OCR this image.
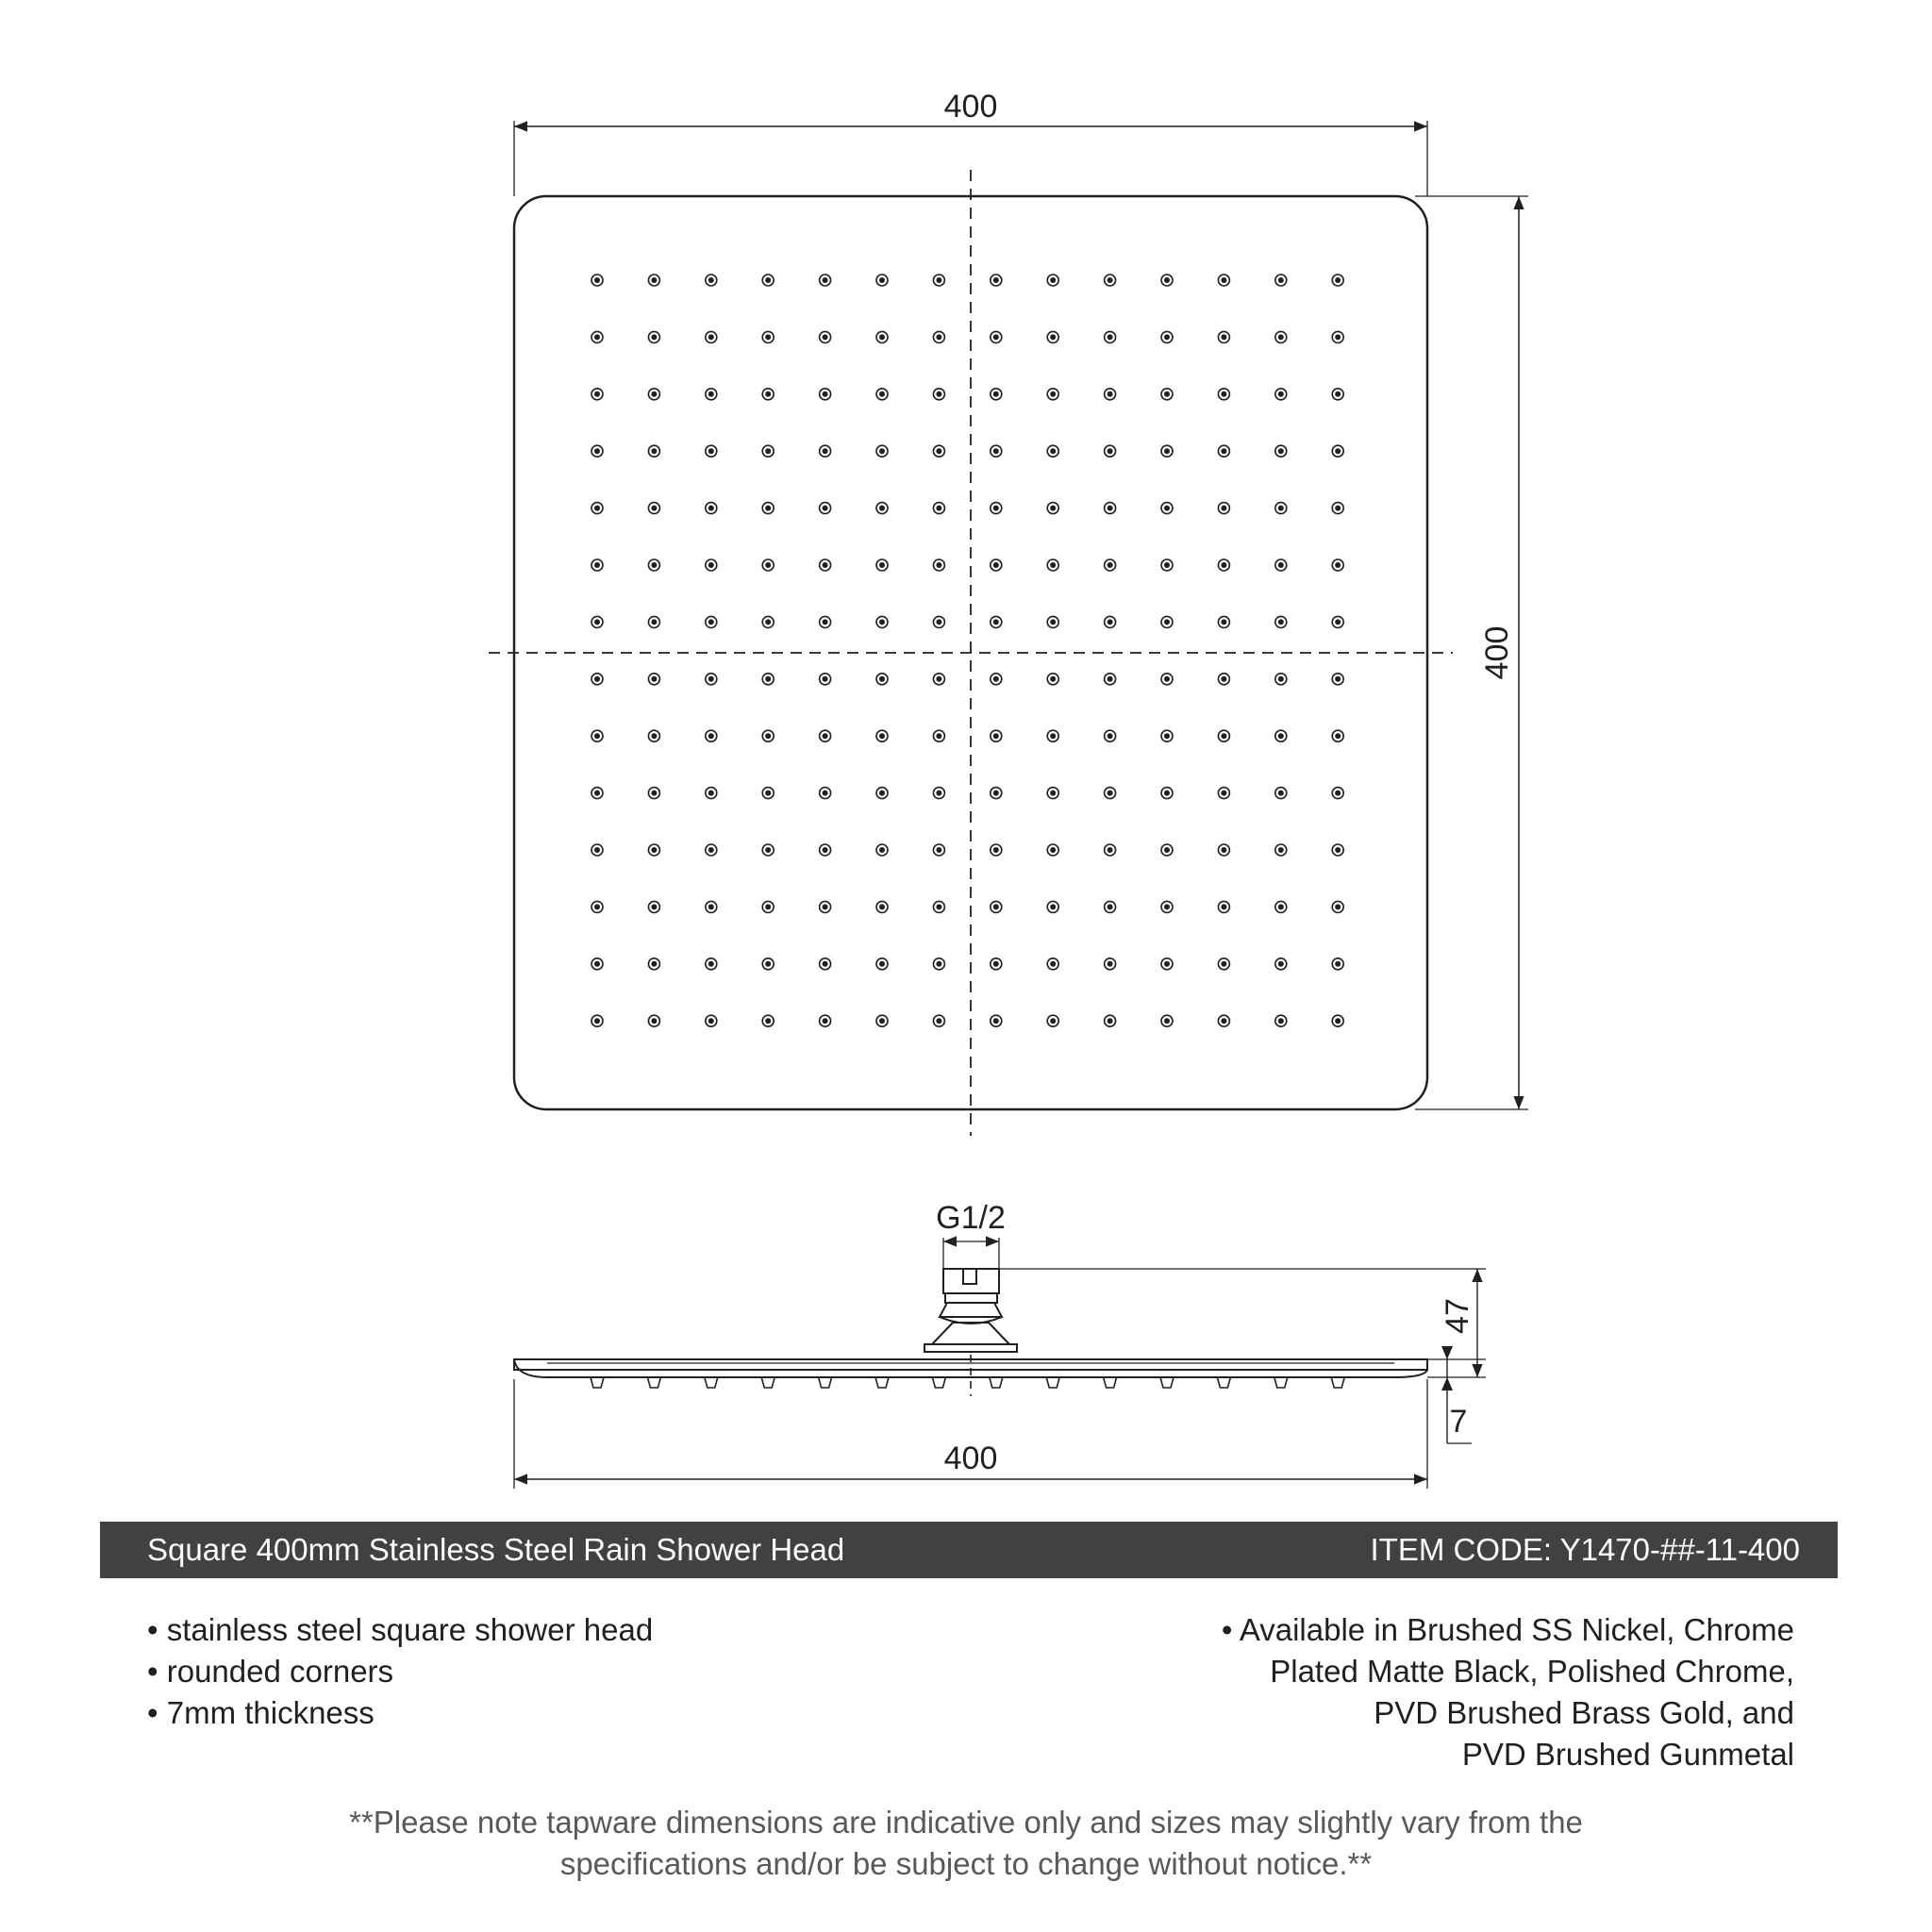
400
400
G1/2
47
7
400
Square 400mm Stainless Steel Rain Shower Head	ITEM CODE: Y1470-##-11-400
• stainless steel square shower head
• rounded corners
• 7mm thickness
• Available in Brushed SS Nickel, Chrome
Plated Matte Black, Polished Chrome,
PVD Brushed Brass Gold, and
PVD Brushed Gunmetal
**Please note tapware dimensions are indicative only and sizes may slightly vary from the
specifications and/or be subject to change without notice.**
